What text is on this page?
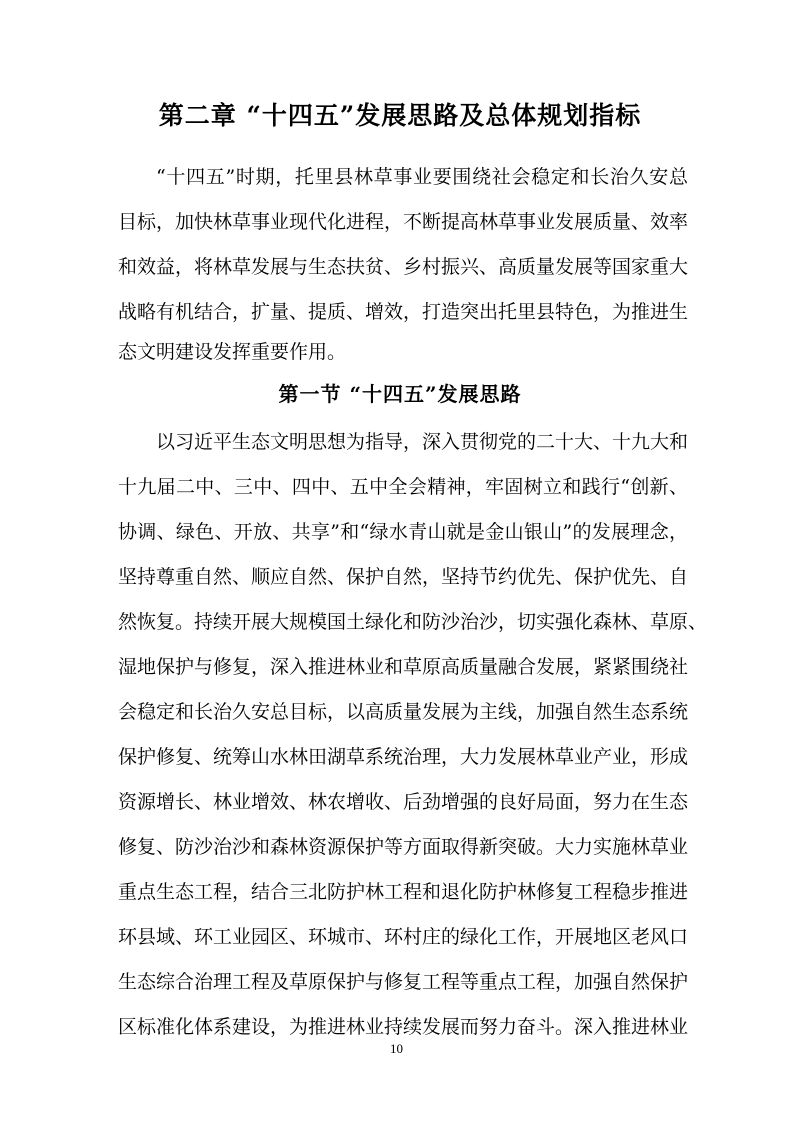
第二章 “十四五”发展思路及总体规划指标
“十四五”时期，托里县林草事业要围绕社会稳定和长治久安总
目标，加快林草事业现代化进程，不断提高林草事业发展质量、效率
和效益，将林草发展与生态扶贫、乡村振兴、高质量发展等国家重大
战略有机结合，扩量、提质、增效，打造突出托里县特色，为推进生
态文明建设发挥重要作用。
第一节 “十四五”发展思路
以习近平生态文明思想为指导，深入贯彻党的二十大、十九大和
十九届二中、三中、四中、五中全会精神，牢固树立和践行“创新、
协调、绿色、开放、共享”和“绿水青山就是金山银山”的发展理念，
坚持尊重自然、顺应自然、保护自然，坚持节约优先、保护优先、自
然恢复。持续开展大规模国土绿化和防沙治沙，切实强化森林、草原、
湿地保护与修复，深入推进林业和草原高质量融合发展，紧紧围绕社
会稳定和长治久安总目标，以高质量发展为主线，加强自然生态系统
保护修复、统筹山水林田湖草系统治理，大力发展林草业产业，形成
资源增长、林业增效、林农增收、后劲增强的良好局面，努力在生态
修复、防沙治沙和森林资源保护等方面取得新突破。大力实施林草业
重点生态工程，结合三北防护林工程和退化防护林修复工程稳步推进
环县域、环工业园区、环城市、环村庄的绿化工作，开展地区老风口
生态综合治理工程及草原保护与修复工程等重点工程，加强自然保护
区标准化体系建设，为推进林业持续发展而努力奋斗。深入推进林业
10
